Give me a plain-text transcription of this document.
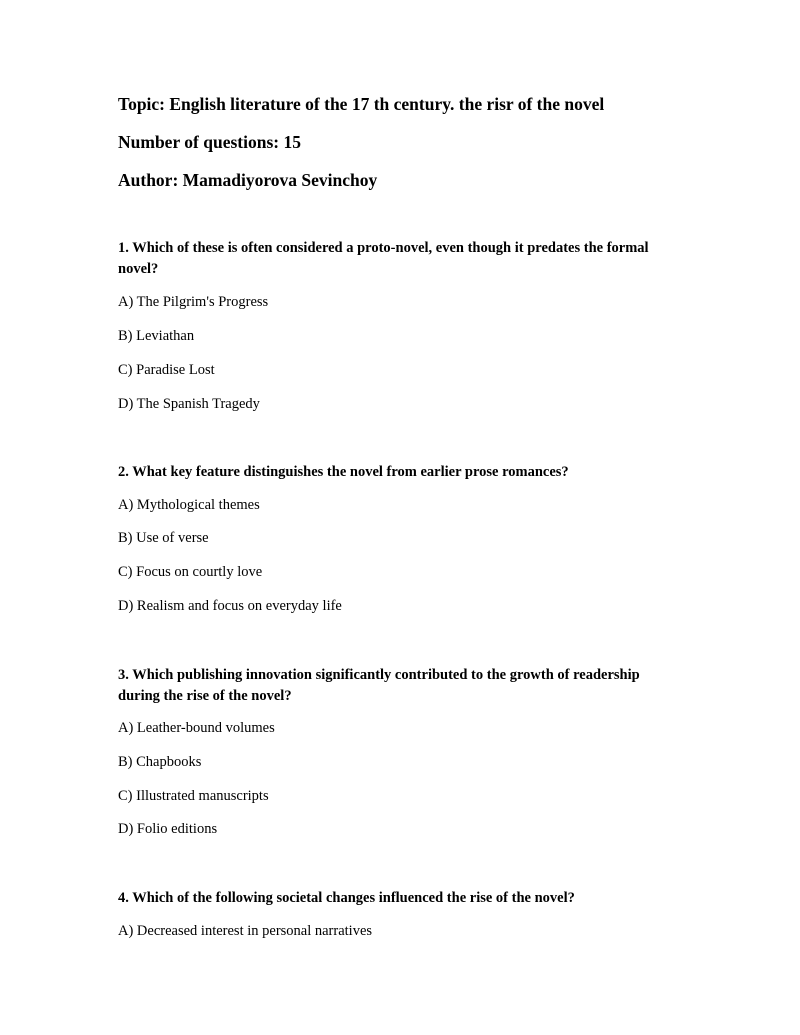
Topic: English literature of the 17 th century. the risr of the novel
Number of questions: 15
Author: Mamadiyorova Sevinchoy
1. Which of these is often considered a proto-novel, even though it predates the formal novel?
A) The Pilgrim's Progress
B) Leviathan
C) Paradise Lost
D) The Spanish Tragedy
2. What key feature distinguishes the novel from earlier prose romances?
A) Mythological themes
B) Use of verse
C) Focus on courtly love
D) Realism and focus on everyday life
3. Which publishing innovation significantly contributed to the growth of readership during the rise of the novel?
A) Leather-bound volumes
B) Chapbooks
C) Illustrated manuscripts
D) Folio editions
4. Which of the following societal changes influenced the rise of the novel?
A) Decreased interest in personal narratives
